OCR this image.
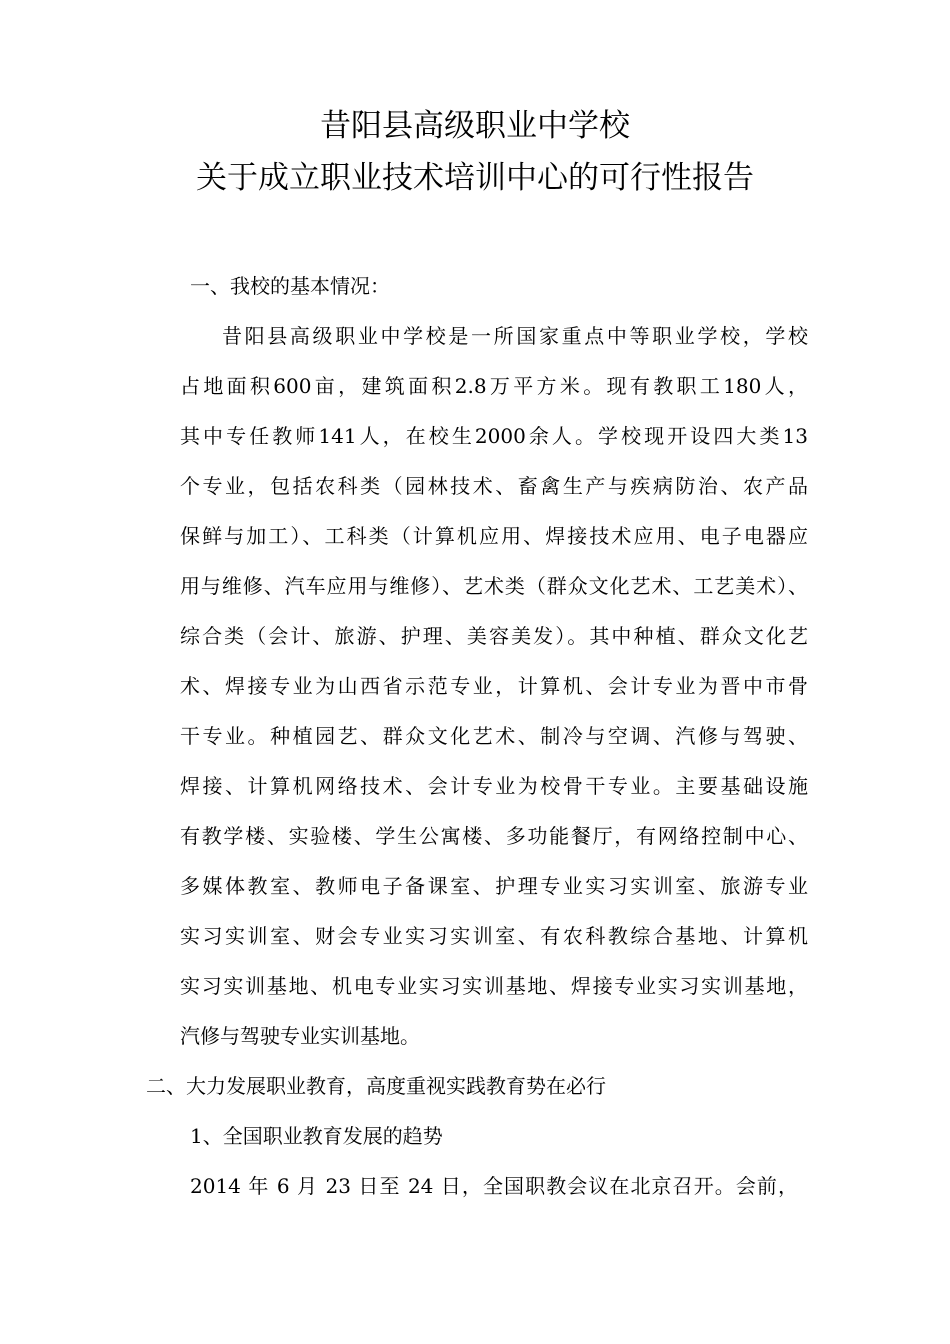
昔阳县高级职业中学校
关于成立职业技术培训中心的可行性报告
一、我校的基本情况：
昔阳县高级职业中学校是一所国家重点中等职业学校，学校
占地面积600亩，建筑面积2.8万平方米。现有教职工180人，
其中专任教师141人，在校生2000余人。学校现开设四大类13
个专业，包括农科类（园林技术、畜禽生产与疾病防治、农产品
保鲜与加工）、工科类（计算机应用、焊接技术应用、电子电器应
用与维修、汽车应用与维修）、艺术类（群众文化艺术、工艺美术）、
综合类（会计、旅游、护理、美容美发）。其中种植、群众文化艺
术、焊接专业为山西省示范专业，计算机、会计专业为晋中市骨
干专业。种植园艺、群众文化艺术、制冷与空调、汽修与驾驶、
焊接、计算机网络技术、会计专业为校骨干专业。主要基础设施
有教学楼、实验楼、学生公寓楼、多功能餐厅，有网络控制中心、
多媒体教室、教师电子备课室、护理专业实习实训室、旅游专业
实习实训室、财会专业实习实训室、有农科教综合基地、计算机
实习实训基地、机电专业实习实训基地、焊接专业实习实训基地，
汽修与驾驶专业实训基地。
二、大力发展职业教育，高度重视实践教育势在必行
1、全国职业教育发展的趋势
2014 年 6 月 23 日至 24 日，全国职教会议在北京召开。会前，
